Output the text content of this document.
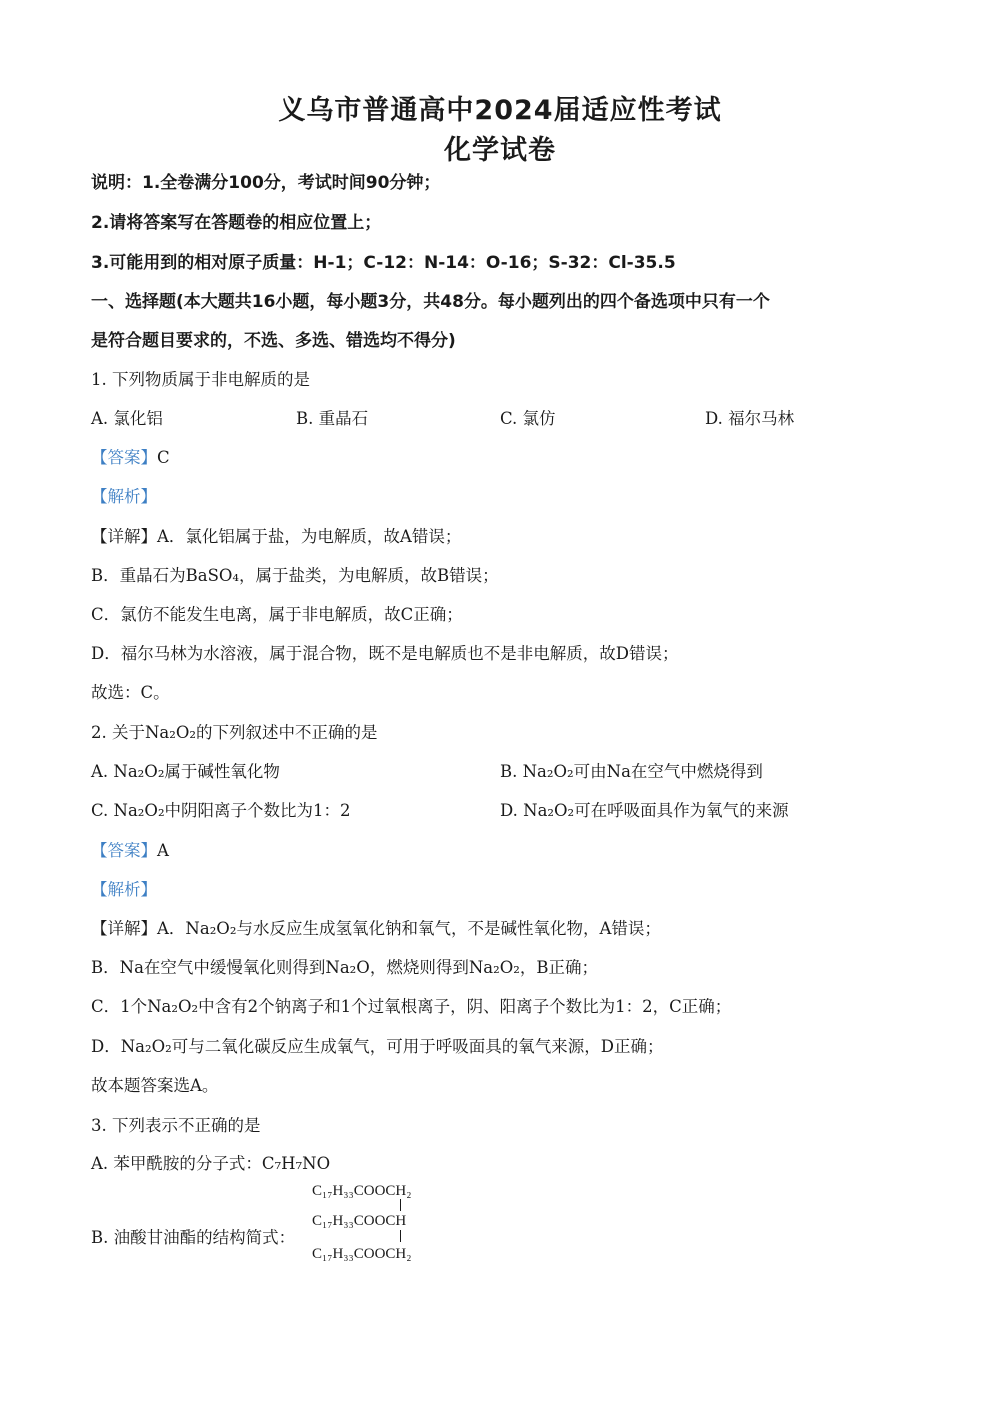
义乌市普通高中2024届适应性考试
化学试卷
说明：1.全卷满分100分，考试时间90分钟；
2.请将答案写在答题卷的相应位置上；
3.可能用到的相对原子质量：H-1；C-12：N-14：O-16；S-32：Cl-35.5
一、选择题(本大题共16小题，每小题3分，共48分。每小题列出的四个备选项中只有一个
是符合题目要求的，不选、多选、错选均不得分)
1. 下列物质属于非电解质的是
A. 氯化铝	B. 重晶石	C. 氯仿	D. 福尔马林
【答案】C
【解析】
【详解】A．氯化铝属于盐，为电解质，故A错误；
B．重晶石为BaSO₄，属于盐类，为电解质，故B错误；
C．氯仿不能发生电离，属于非电解质，故C正确；
D．福尔马林为水溶液，属于混合物，既不是电解质也不是非电解质，故D错误；
故选：C。
2. 关于Na₂O₂的下列叙述中不正确的是
A. Na₂O₂属于碱性氧化物	B. Na₂O₂可由Na在空气中燃烧得到
C. Na₂O₂中阴阳离子个数比为1：2	D. Na₂O₂可在呼吸面具作为氧气的来源
【答案】A
【解析】
【详解】A．Na₂O₂与水反应生成氢氧化钠和氧气，不是碱性氧化物，A错误；
B．Na在空气中缓慢氧化则得到Na₂O，燃烧则得到Na₂O₂，B正确；
C．1个Na₂O₂中含有2个钠离子和1个过氧根离子，阴、阳离子个数比为1：2，C正确；
D．Na₂O₂可与二氧化碳反应生成氧气，可用于呼吸面具的氧气来源，D正确；
故本题答案选A。
3. 下列表示不正确的是
A. 苯甲酰胺的分子式：C₇H₇NO
B. 油酸甘油酯的结构简式：
C₁₇H₃₃COOCH₂
C₁₇H₃₃COOCH
C₁₇H₃₃COOCH₂
